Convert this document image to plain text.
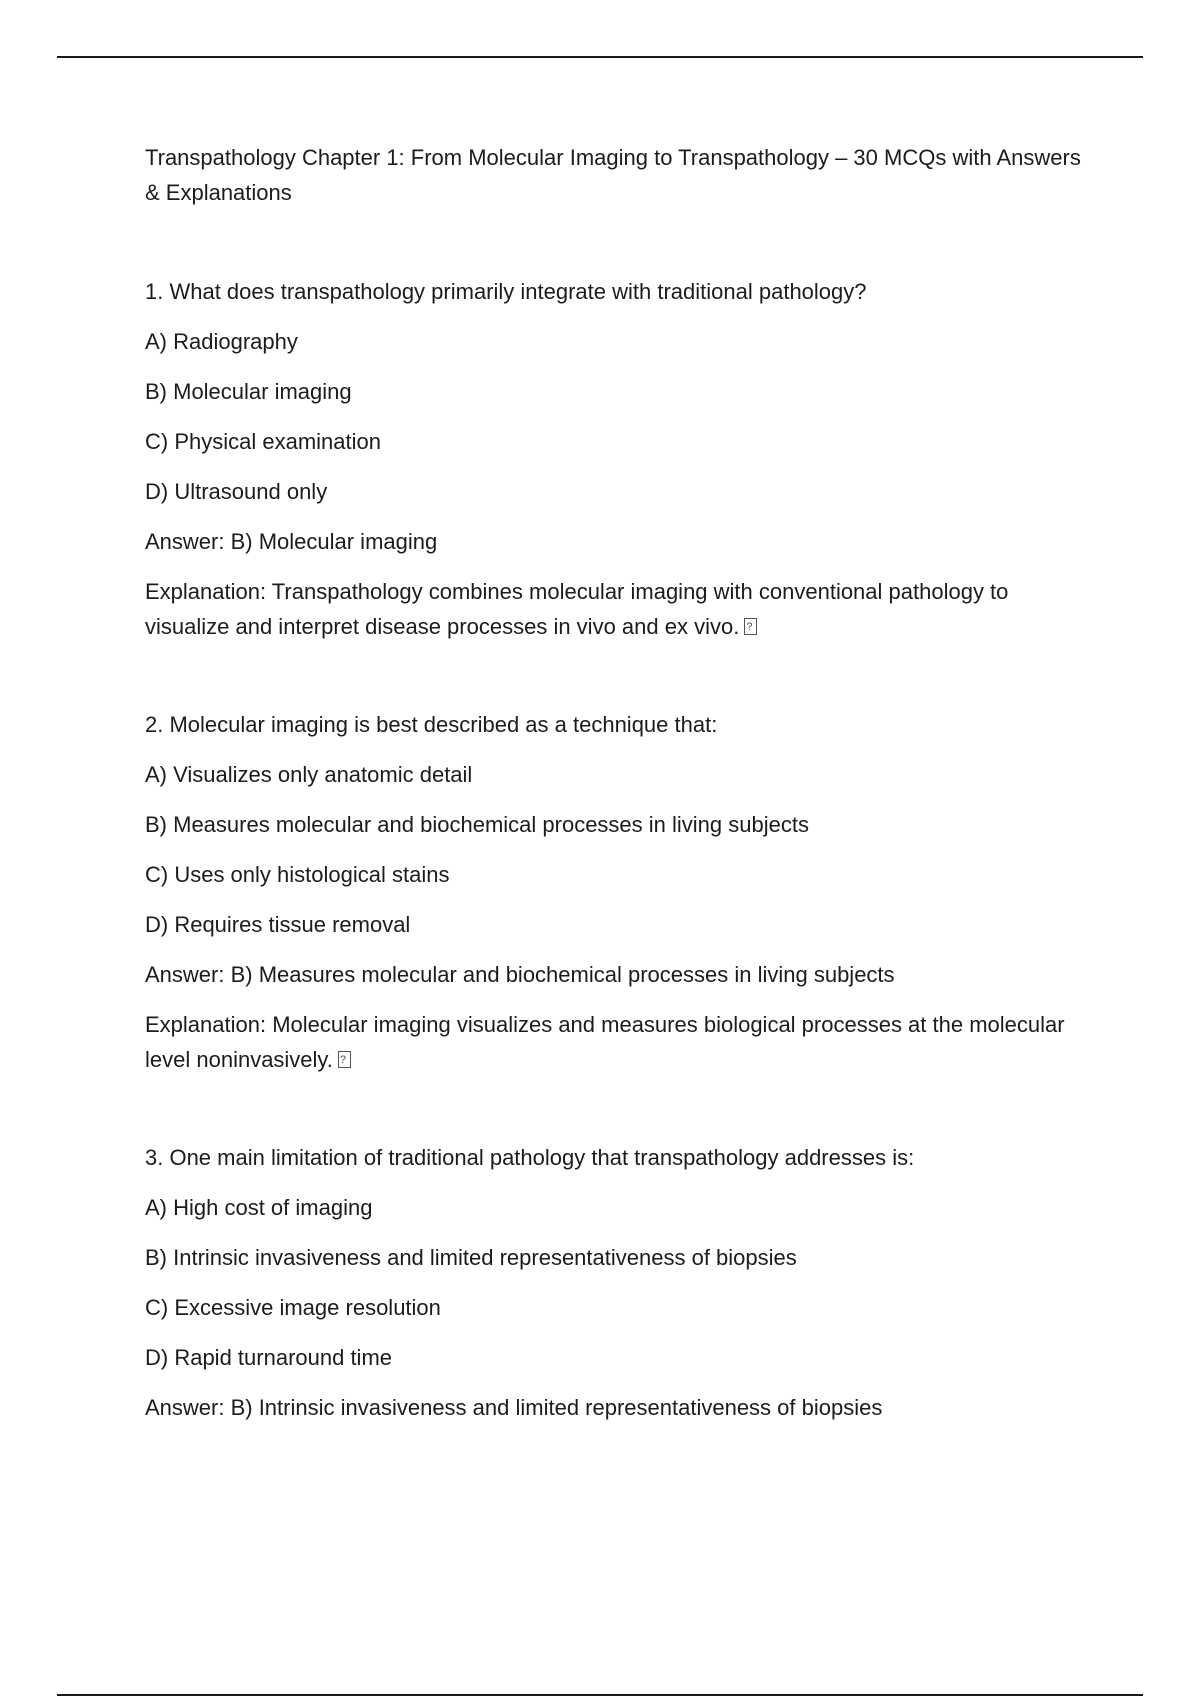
Transpathology Chapter 1: From Molecular Imaging to Transpathology – 30 MCQs with Answers & Explanations

1. What does transpathology primarily integrate with traditional pathology?

A) Radiography

B) Molecular imaging

C) Physical examination

D) Ultrasound only

Answer: B) Molecular imaging

Explanation: Transpathology combines molecular imaging with conventional pathology to visualize and interpret disease processes in vivo and ex vivo.?

2. Molecular imaging is best described as a technique that:

A) Visualizes only anatomic detail

B) Measures molecular and biochemical processes in living subjects

C) Uses only histological stains

D) Requires tissue removal

Answer: B) Measures molecular and biochemical processes in living subjects

Explanation: Molecular imaging visualizes and measures biological processes at the molecular level noninvasively.?

3. One main limitation of traditional pathology that transpathology addresses is:

A) High cost of imaging

B) Intrinsic invasiveness and limited representativeness of biopsies

C) Excessive image resolution

D) Rapid turnaround time

Answer: B) Intrinsic invasiveness and limited representativeness of biopsies
